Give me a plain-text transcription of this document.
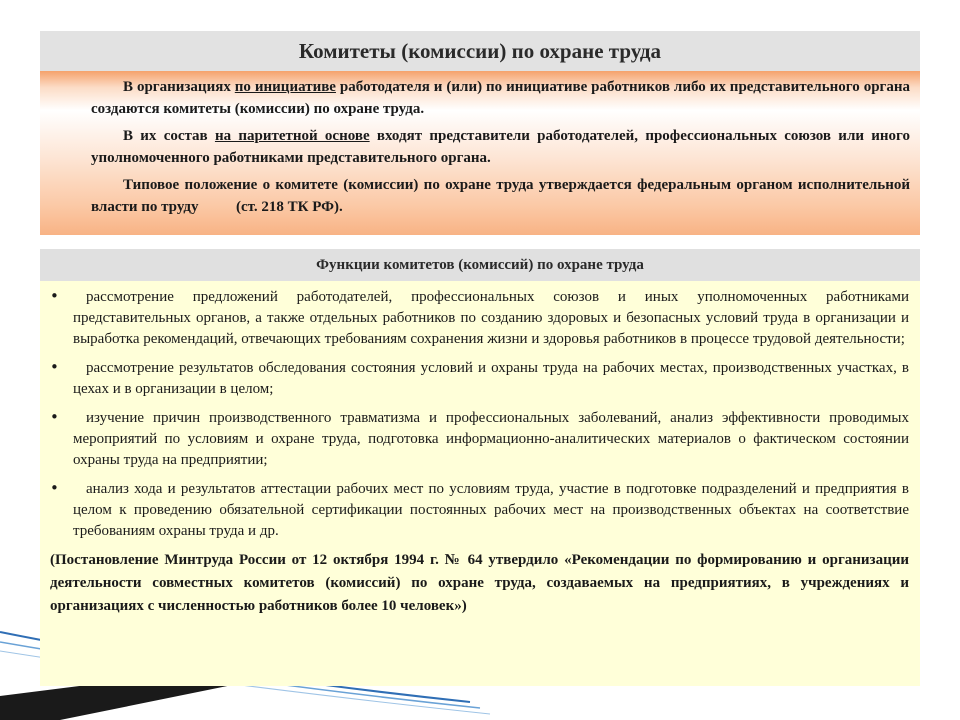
Комитеты (комиссии) по охране труда

В организациях по инициативе работодателя и (или) по инициативе работников либо их представительного органа создаются комитеты (комиссии) по охране труда.

В их состав на паритетной основе входят представители работодателей, профессиональных союзов или иного уполномоченного работниками представительного органа.

Типовое положение о комитете (комиссии) по охране труда утверждается федеральным органом исполнительной власти по труду	(ст. 218 ТК РФ).

Функции комитетов (комиссий) по охране труда
•	рассмотрение предложений работодателей, профессиональных союзов и иных уполномоченных работниками представительных органов, а также отдельных работников по созданию здоровых и безопасных условий труда в организации и выработка рекомендаций, отвечающих требованиям сохранения жизни и здоровья работников в процессе трудовой деятельности;
•	рассмотрение результатов обследования состояния условий и охраны труда на рабочих местах, производственных участках, в цехах и в организации в целом;
•	изучение причин производственного травматизма и профессиональных заболеваний, анализ эффективности проводимых мероприятий по условиям и охране труда, подготовка информационно-аналитических материалов о фактическом состоянии охраны труда на предприятии;
•	анализ хода и результатов аттестации рабочих мест по условиям труда, участие в подготовке подразделений и предприятия в целом к проведению обязательной сертификации постоянных рабочих мест на производственных объектах на соответствие требованиям охраны труда и др.
(Постановление Минтруда России от 12 октября 1994 г. № 64 утвердило «Рекомендации по формированию и организации деятельности совместных комитетов (комиссий) по охране труда, создаваемых на предприятиях, в учреждениях и организациях с численностью работников более 10 человек»)
